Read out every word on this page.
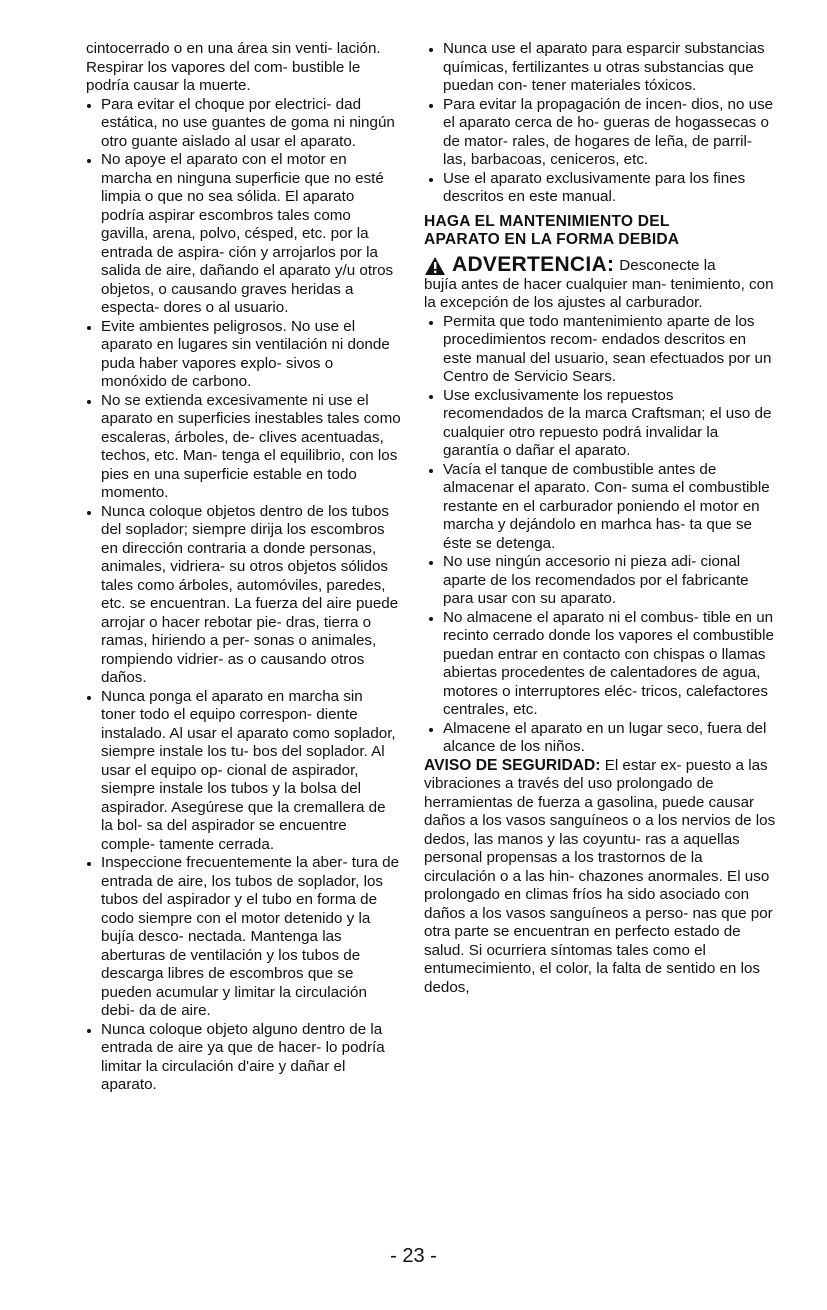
cintocerrado o en una área sin venti- lación. Respirar los vapores del com- bustible le podría causar la muerte.

Para evitar el choque por electrici- dad estática, no use guantes de goma ni ningún otro guante aislado al usar el aparato.
No apoye el aparato con el motor en marcha en ninguna superficie que no esté limpia o que no sea sólida. El aparato podría aspirar escombros tales como gavilla, arena, polvo, césped, etc. por la entrada de aspira- ción y arrojarlos por la salida de aire, dañando el aparato y/u otros objetos, o causando graves heridas a especta- dores o al usuario.
Evite ambientes peligrosos. No use el aparato en lugares sin ventilación ni donde puda haber vapores explo- sivos o monóxido de carbono.
No se extienda excesivamente ni use el aparato en superficies inestables tales como escaleras, árboles, de- clives acentuadas, techos, etc. Man- tenga el equilibrio, con los pies en una superficie estable en todo momento.
Nunca coloque objetos dentro de los tubos del soplador; siempre dirija los escombros en dirección contraria a donde personas, animales, vidriera- su otros objetos sólidos tales como árboles, automóviles, paredes, etc. se encuentran. La fuerza del aire puede arrojar o hacer rebotar pie- dras, tierra o ramas, hiriendo a per- sonas o animales, rompiendo vidrier- as o causando otros daños.
Nunca ponga el aparato en marcha sin toner todo el equipo correspon- diente instalado. Al usar el aparato como soplador, siempre instale los tu- bos del soplador. Al usar el equipo op- cional de aspirador, siempre instale los tubos y la bolsa del aspirador. Asegúrese que la cremallera de la bol- sa del aspirador se encuentre comple- tamente cerrada.
Inspeccione frecuentemente la aber- tura de entrada de aire, los tubos de soplador, los tubos del aspirador y el tubo en forma de codo siempre con el motor detenido y la bujía desco- nectada. Mantenga las aberturas de ventilación y los tubos de descarga libres de escombros que se pueden acumular y limitar la circulación debi- da de aire.
Nunca coloque objeto alguno dentro de la entrada de aire ya que de hacer- lo podría limitar la circulación d'aire y dañar el aparato.
Nunca use el aparato para esparcir substancias químicas, fertilizantes u otras substancias que puedan con- tener materiales tóxicos.
Para evitar la propagación de incen- dios, no use el aparato cerca de ho- gueras de hogassecas o de mator- rales, de hogares de leña, de parril- las, barbacoas, ceniceros, etc.
Use el aparato exclusivamente para los fines descritos en este manual.
HAGA EL MANTENIMIENTO DEL
APARATO EN LA FORMA DEBIDA
ADVERTENCIA: Desconecte la

bujía antes de hacer cualquier man- tenimiento, con la excepción de los ajustes al carburador.

Permita que todo mantenimiento aparte de los procedimientos recom- endados descritos en este manual del usuario, sean efectuados por un Centro de Servicio Sears.
Use exclusivamente los repuestos recomendados de la marca Craftsman; el uso de cualquier otro repuesto podrá invalidar la garantía o dañar el aparato.
Vacía el tanque de combustible antes de almacenar el aparato. Con- suma el combustible restante en el carburador poniendo el motor en marcha y dejándolo en marhca has- ta que se éste se detenga.
No use ningún accesorio ni pieza adi- cional aparte de los recomendados por el fabricante para usar con su aparato.
No almacene el aparato ni el combus- tible en un recinto cerrado donde los vapores el combustible puedan entrar en contacto con chispas o llamas abiertas procedentes de calentadores de agua, motores o interruptores eléc- tricos, calefactores centrales, etc.
Almacene el aparato en un lugar seco, fuera del alcance de los niños.

AVISO DE SEGURIDAD: El estar ex- puesto a las vibraciones a través del uso prolongado de herramientas de fuerza a gasolina, puede causar daños a los vasos sanguíneos o a los nervios de los dedos, las manos y las coyuntu- ras a aquellas personal propensas a los trastornos de la circulación o a las hin- chazones anormales. El uso prolongado en climas fríos ha sido asociado con daños a los vasos sanguíneos a perso- nas que por otra parte se encuentran en perfecto estado de salud. Si ocurriera síntomas tales como el entumecimiento, el color, la falta de sentido en los dedos,

- 23 -
